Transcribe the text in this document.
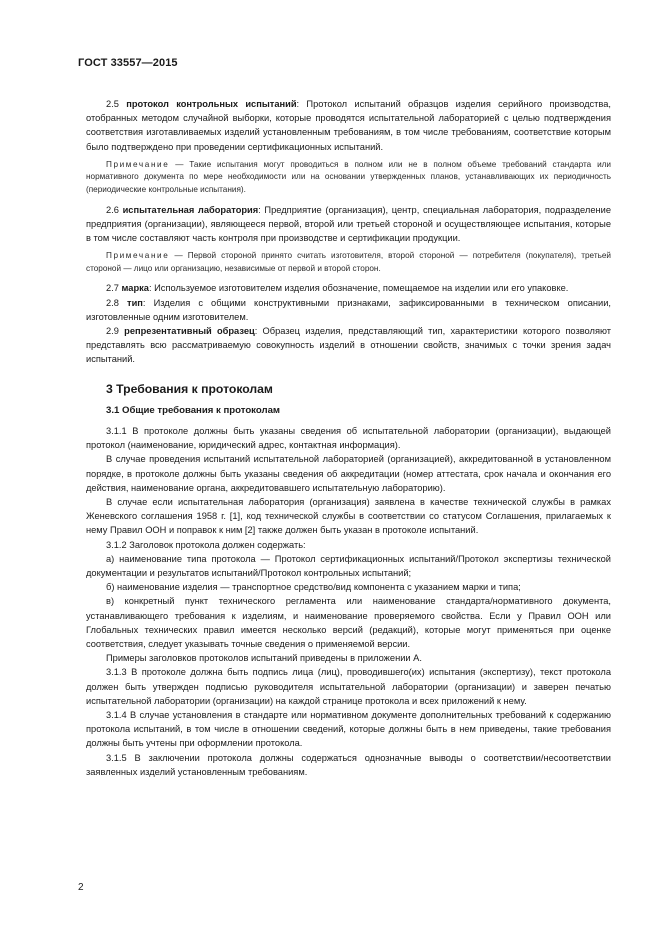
ГОСТ 33557—2015

2.5 протокол контрольных испытаний: Протокол испытаний образцов изделия серийного производства, отобранных методом случайной выборки, которые проводятся испытательной лабораторией с целью подтверждения соответствия изготавливаемых изделий установленным требованиям, в том числе требованиям, соответствие которым было подтверждено при проведении сертификационных испытаний.

Примечание — Такие испытания могут проводиться в полном или не в полном объеме требований стандарта или нормативного документа по мере необходимости или на основании утвержденных планов, устанавливающих их периодичность (периодические контрольные испытания).

2.6 испытательная лаборатория: Предприятие (организация), центр, специальная лаборатория, подразделение предприятия (организации), являющееся первой, второй или третьей стороной и осуществляющее испытания, которые в том числе составляют часть контроля при производстве и сертификации продукции.

Примечание — Первой стороной принято считать изготовителя, второй стороной — потребителя (покупателя), третьей стороной — лицо или организацию, независимые от первой и второй сторон.

2.7 марка: Используемое изготовителем изделия обозначение, помещаемое на изделии или его упаковке.

2.8 тип: Изделия с общими конструктивными признаками, зафиксированными в техническом описании, изготовленные одним изготовителем.

2.9 репрезентативный образец: Образец изделия, представляющий тип, характеристики которого позволяют представлять всю рассматриваемую совокупность изделий в отношении свойств, значимых с точки зрения задач испытаний.

3 Требования к протоколам
3.1 Общие требования к протоколам

3.1.1 В протоколе должны быть указаны сведения об испытательной лаборатории (организации), выдающей протокол (наименование, юридический адрес, контактная информация).

В случае проведения испытаний испытательной лабораторией (организацией), аккредитованной в установленном порядке, в протоколе должны быть указаны сведения об аккредитации (номер аттестата, срок начала и окончания его действия, наименование органа, аккредитовавшего испытательную лабораторию).

В случае если испытательная лаборатория (организация) заявлена в качестве технической службы в рамках Женевского соглашения 1958 г. [1], код технической службы в соответствии со статусом Соглашения, прилагаемых к нему Правил ООН и поправок к ним [2] также должен быть указан в протоколе испытаний.

3.1.2 Заголовок протокола должен содержать:

а) наименование типа протокола — Протокол сертификационных испытаний/Протокол экспертизы технической документации и результатов испытаний/Протокол контрольных испытаний;

б) наименование изделия — транспортное средство/вид компонента с указанием марки и типа;

в) конкретный пункт технического регламента или наименование стандарта/нормативного документа, устанавливающего требования к изделиям, и наименование проверяемого свойства. Если у Правил ООН или Глобальных технических правил имеется несколько версий (редакций), которые могут применяться при оценке соответствия, следует указывать точные сведения о применяемой версии.

Примеры заголовков протоколов испытаний приведены в приложении А.

3.1.3 В протоколе должна быть подпись лица (лиц), проводившего(их) испытания (экспертизу), текст протокола должен быть утвержден подписью руководителя испытательной лаборатории (организации) и заверен печатью испытательной лаборатории (организации) на каждой странице протокола и всех приложений к нему.

3.1.4 В случае установления в стандарте или нормативном документе дополнительных требований к содержанию протокола испытаний, в том числе в отношении сведений, которые должны быть в нем приведены, такие требования должны быть учтены при оформлении протокола.

3.1.5 В заключении протокола должны содержаться однозначные выводы о соответствии/несоответствии заявленных изделий установленным требованиям.

2
